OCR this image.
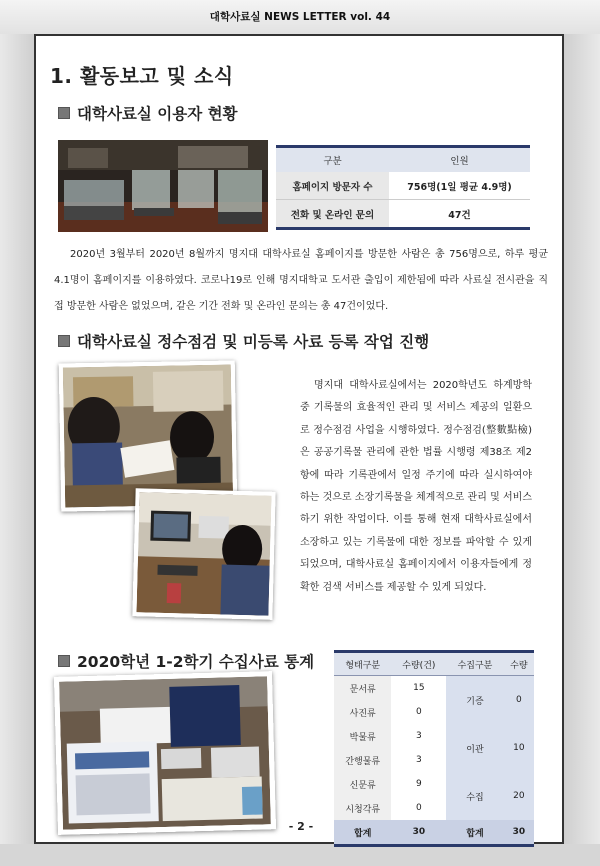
대학사료실 NEWS LETTER vol. 44
1. 활동보고 및 소식
대학사료실 이용자 현황
구분	인원
홈페이지 방문자 수	756명(1일 평균 4.9명)
전화 및 온라인 문의	47건
2020년 3월부터 2020년 8월까지 명지대 대학사료실 홈페이지를 방문한 사람은 총 756명으로, 하루 평균 4.1명이 홈페이지를 이용하였다. 코로나19로 인해 명지대학교 도서관 출입이 제한됨에 따라 사료실 전시관을 직접 방문한 사람은 없었으며, 같은 기간 전화 및 온라인 문의는 총 47건이었다.
대학사료실 정수점검 및 미등록 사료 등록 작업 진행
명지대 대학사료실에서는 2020학년도 하계방학 중 기록물의 효율적인 관리 및 서비스 제공의 일환으로 정수점검 사업을 시행하였다. 정수점검(整數點檢)은 공공기록물 관리에 관한 법률 시행령 제38조 제2항에 따라 기록관에서 일정 주기에 따라 실시하여야 하는 것으로 소장기록물을 체계적으로 관리 및 서비스하기 위한 작업이다. 이를 통해 현재 대학사료실에서 소장하고 있는 기록물에 대한 정보를 파악할 수 있게 되었으며, 대학사료실 홈페이지에서 이용자들에게 정확한 검색 서비스를 제공할 수 있게 되었다.
2020학년 1-2학기 수집사료 통계	형태구분	수량(건)	수집구분	수량
문서류	15	기증	0
사진류	0		
박물류	3	이관	10
간행물류	3		
신문류	9	수집	20
시청각류	0		
합계	30	합계	30
- 2 -
